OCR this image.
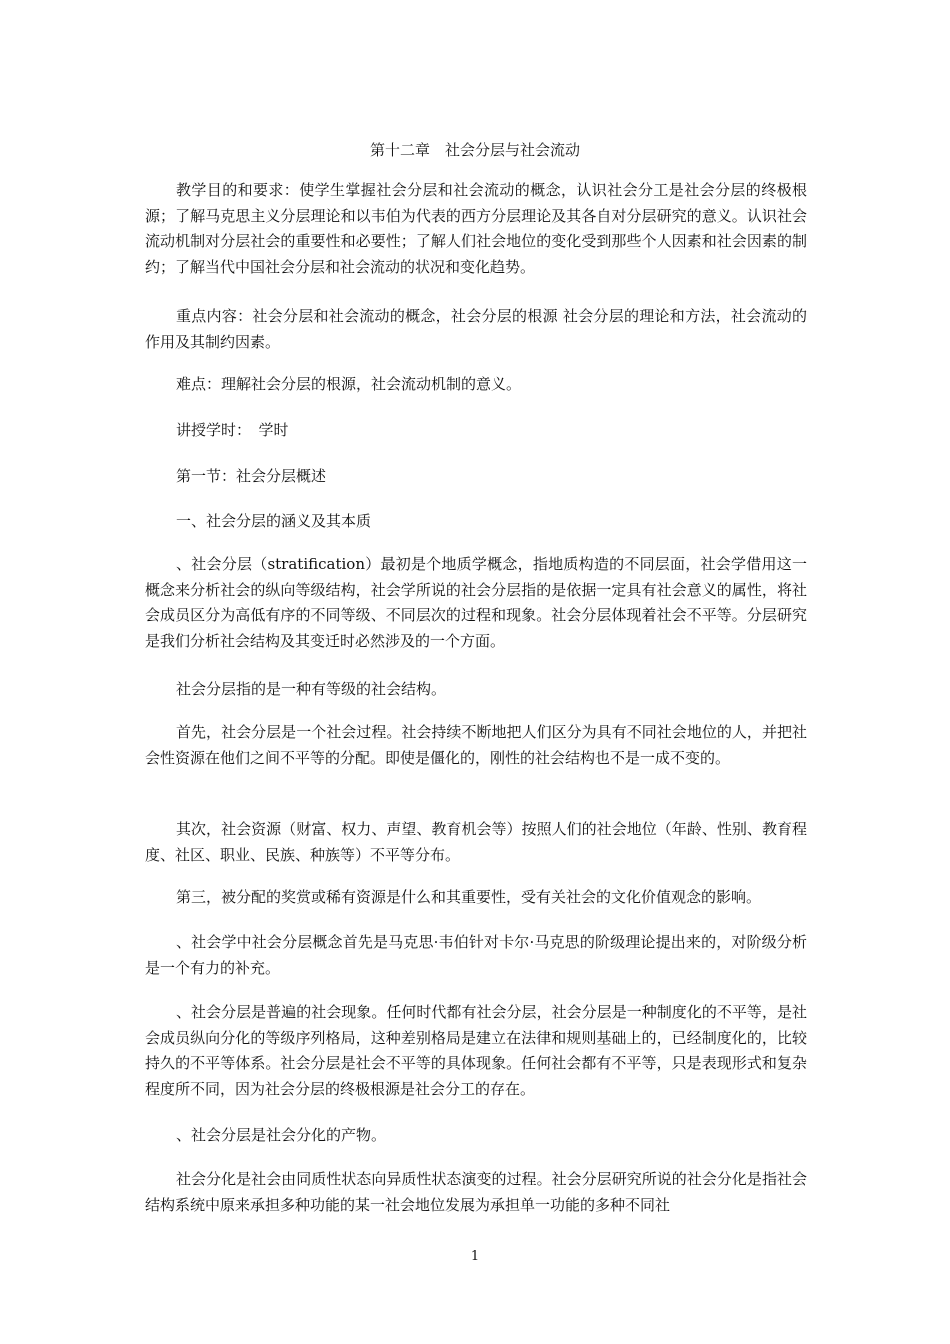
第十二章　社会分层与社会流动

教学目的和要求：使学生掌握社会分层和社会流动的概念，认识社会分工是社会分层的终极根源；了解马克思主义分层理论和以韦伯为代表的西方分层理论及其各自对分层研究的意义。认识社会流动机制对分层社会的重要性和必要性；了解人们社会地位的变化受到那些个人因素和社会因素的制约；了解当代中国社会分层和社会流动的状况和变化趋势。

重点内容：社会分层和社会流动的概念，社会分层的根源 社会分层的理论和方法，社会流动的作用及其制约因素。

难点：理解社会分层的根源，社会流动机制的意义。

讲授学时：　学时

第一节：社会分层概述

一、社会分层的涵义及其本质

、社会分层（stratification）最初是个地质学概念，指地质构造的不同层面，社会学借用这一概念来分析社会的纵向等级结构，社会学所说的社会分层指的是依据一定具有社会意义的属性，将社会成员区分为高低有序的不同等级、不同层次的过程和现象。社会分层体现着社会不平等。分层研究是我们分析社会结构及其变迁时必然涉及的一个方面。

社会分层指的是一种有等级的社会结构。

首先，社会分层是一个社会过程。社会持续不断地把人们区分为具有不同社会地位的人，并把社会性资源在他们之间不平等的分配。即使是僵化的，刚性的社会结构也不是一成不变的。

其次，社会资源（财富、权力、声望、教育机会等）按照人们的社会地位（年龄、性别、教育程度、社区、职业、民族、种族等）不平等分布。

第三，被分配的奖赏或稀有资源是什么和其重要性，受有关社会的文化价值观念的影响。

、社会学中社会分层概念首先是马克思·韦伯针对卡尔·马克思的阶级理论提出来的，对阶级分析是一个有力的补充。

、社会分层是普遍的社会现象。任何时代都有社会分层，社会分层是一种制度化的不平等，是社会成员纵向分化的等级序列格局，这种差别格局是建立在法律和规则基础上的，已经制度化的，比较持久的不平等体系。社会分层是社会不平等的具体现象。任何社会都有不平等，只是表现形式和复杂程度所不同，因为社会分层的终极根源是社会分工的存在。

、社会分层是社会分化的产物。

社会分化是社会由同质性状态向异质性状态演变的过程。社会分层研究所说的社会分化是指社会结构系统中原来承担多种功能的某一社会地位发展为承担单一功能的多种不同社

1
